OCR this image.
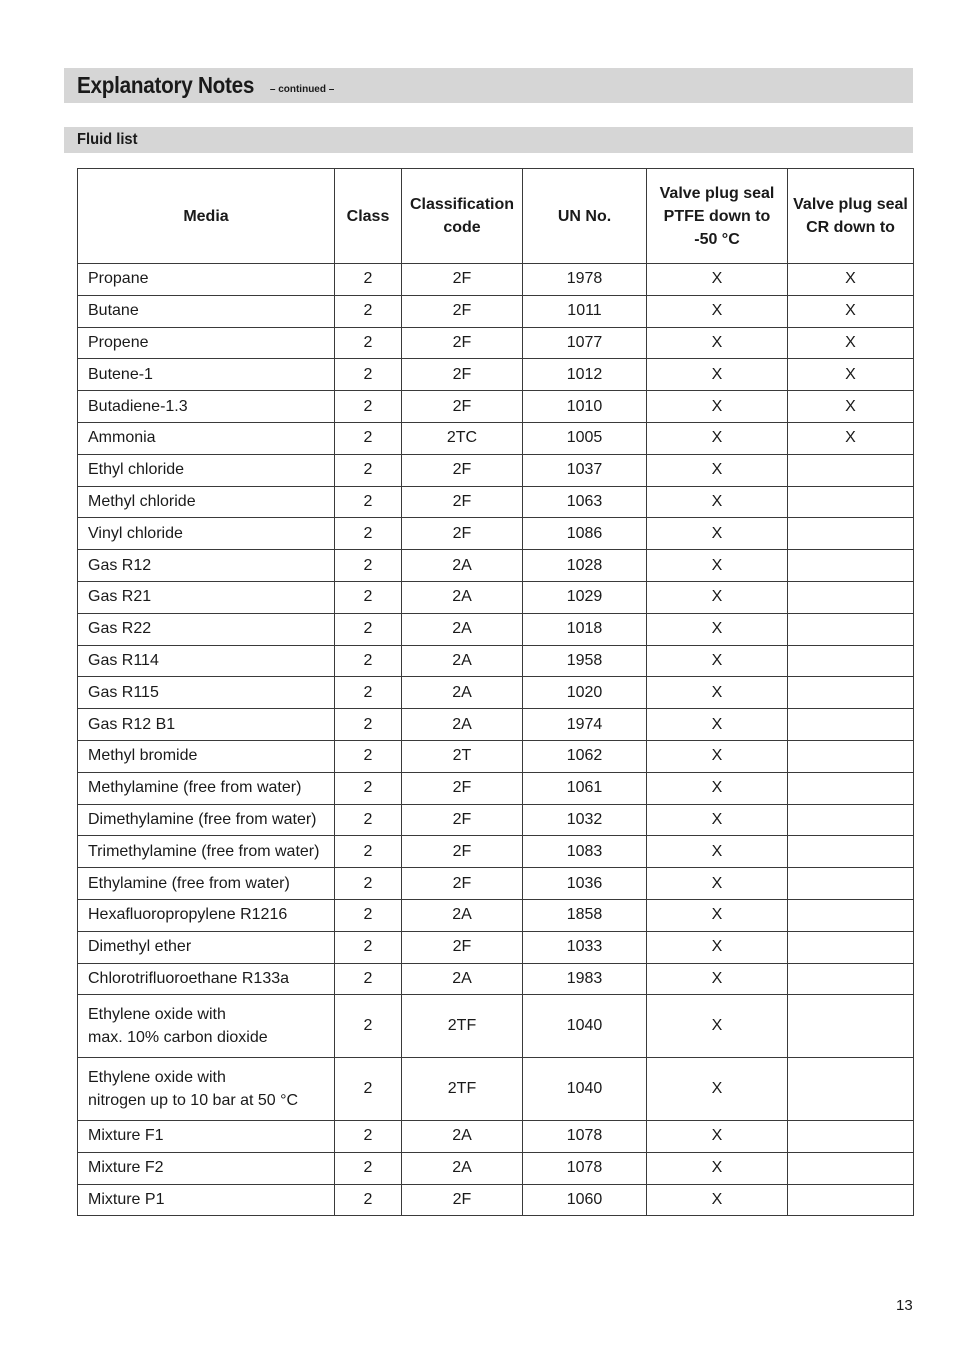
Explanatory Notes – continued –
Fluid list
Media	Class	Classification code	UN No.	Valve plug seal PTFE down to -50 °C	Valve plug seal CR down to
Propane	2	2F	1978	X	X
Butane	2	2F	1011	X	X
Propene	2	2F	1077	X	X
Butene-1	2	2F	1012	X	X
Butadiene-1.3	2	2F	1010	X	X
Ammonia	2	2TC	1005	X	X
Ethyl chloride	2	2F	1037	X	
Methyl chloride	2	2F	1063	X	
Vinyl chloride	2	2F	1086	X	
Gas R12	2	2A	1028	X	
Gas R21	2	2A	1029	X	
Gas R22	2	2A	1018	X	
Gas R114	2	2A	1958	X	
Gas R115	2	2A	1020	X	
Gas R12 B1	2	2A	1974	X	
Methyl bromide	2	2T	1062	X	
Methylamine (free from water)	2	2F	1061	X	
Dimethylamine (free from water)	2	2F	1032	X	
Trimethylamine (free from water)	2	2F	1083	X	
Ethylamine (free from water)	2	2F	1036	X	
Hexafluoropropylene R1216	2	2A	1858	X	
Dimethyl ether	2	2F	1033	X	
Chlorotrifluoroethane R133a	2	2A	1983	X	
Ethylene oxide with
max. 10% carbon dioxide	2	2TF	1040	X	
Ethylene oxide with
nitrogen up to 10 bar at 50 °C	2	2TF	1040	X	
Mixture F1	2	2A	1078	X	
Mixture F2	2	2A	1078	X	
Mixture P1	2	2F	1060	X	
13
